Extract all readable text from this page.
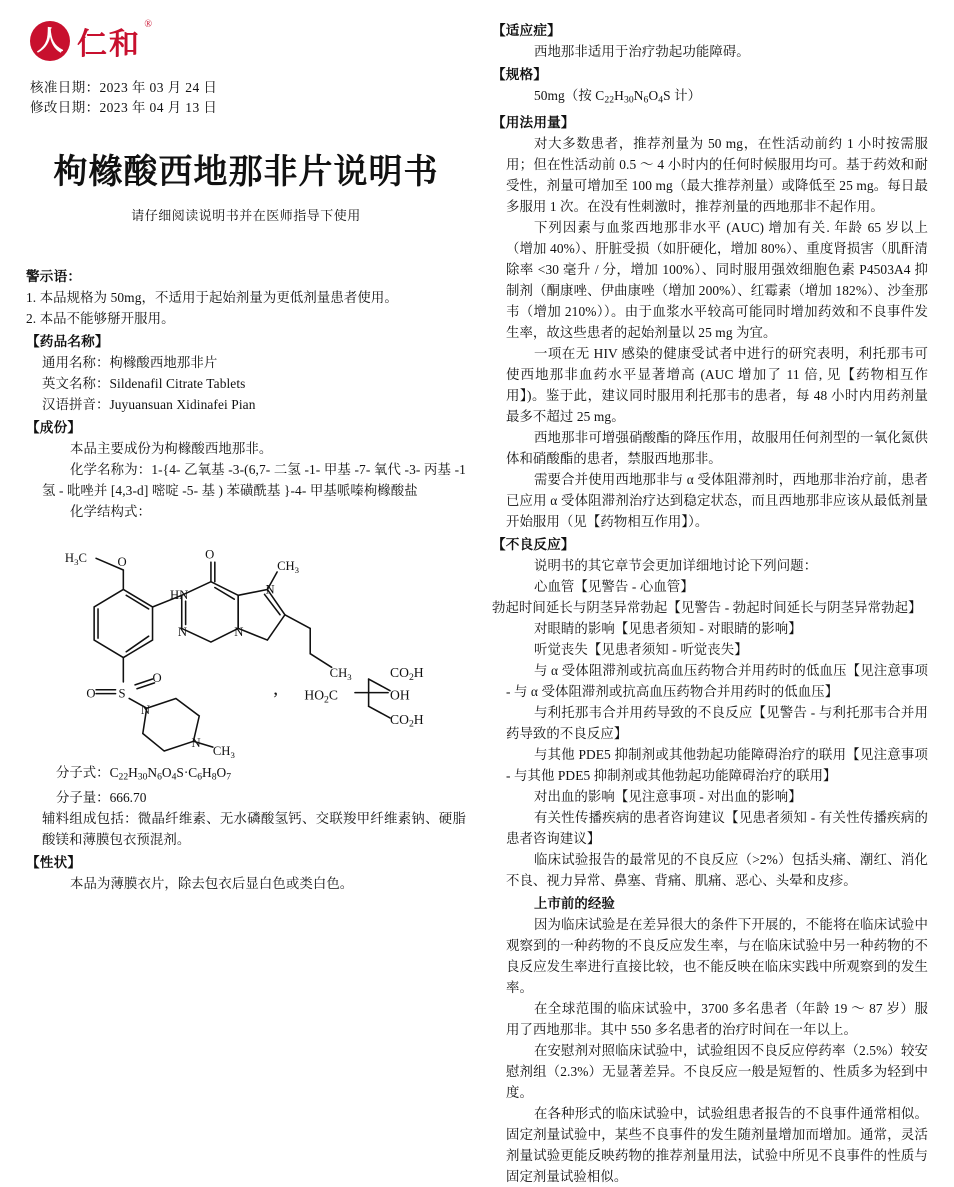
人 仁和
®
核准日期：2023 年 03 月 24 日
修改日期：2023 年 04 月 13 日
枸橼酸西地那非片说明书
请仔细阅读说明书并在医师指导下使用
警示语：
1. 本品规格为 50mg，不适用于起始剂量为更低剂量患者使用。
2. 本品不能够掰开服用。
【药品名称】
通用名称：枸橼酸西地那非片
英文名称：Sildenafil Citrate Tablets
汉语拼音：Juyuansuan Xidinafei Pian
【成份】
本品主要成份为枸橼酸西地那非。
化学名称为：1-{4- 乙氧基 -3-(6,7- 二氢 -1- 甲基 -7- 氧代 -3- 丙基 -1 氢 - 吡唑并 [4,3-d] 嘧啶 -5- 基 ) 苯磺酰基 }-4- 甲基哌嗪枸橼酸盐
化学结构式：
$H_3C$ O
O
$CH_3$
HN
N	N
N
$CH_3$
S
O
O
N
N
$CH_3$
,
$CO_2H$
$HO_2C$	OH
$CO_2H$
分子式：$C_{22}H_{30}N_6O_4S\cdot C_6H_8O_7$
分子量：666.70
辅料组成包括：微晶纤维素、无水磷酸氢钙、交联羧甲纤维素钠、硬脂酸镁和薄膜包衣预混剂。
【性状】
本品为薄膜衣片，除去包衣后显白色或类白色。
【适应症】
西地那非适用于治疗勃起功能障碍。
【规格】
50mg（按 $C_{22}H_{30}N_6O_4S$ 计）
【用法用量】
对大多数患者，推荐剂量为 50 mg，在性活动前约 1 小时按需服用；但在性活动前 0.5 ～ 4 小时内的任何时候服用均可。基于药效和耐受性，剂量可增加至 100 mg（最大推荐剂量）或降低至 25 mg。每日最多服用 1 次。在没有性刺激时，推荐剂量的西地那非不起作用。
下列因素与血浆西地那非水平 (AUC) 增加有关. 年龄 65 岁以上（增加 40%）、肝脏受损（如肝硬化，增加 80%）、重度肾损害（肌酐清除率 <30 毫升 / 分，增加 100%）、同时服用强效细胞色素 P4503A4 抑制剂（酮康唑、伊曲康唑（增加 200%）、红霉素（增加 182%）、沙奎那韦（增加 210%））。由于血浆水平较高可能同时增加药效和不良事件发生率，故这些患者的起始剂量以 25 mg 为宜。
一项在无 HIV 感染的健康受试者中进行的研究表明，利托那韦可使西地那非血药水平显著增高 (AUC 增加了 11 倍, 见【药物相互作用】)。鉴于此，建议同时服用利托那韦的患者，每 48 小时内用药剂量最多不超过 25 mg。
西地那非可增强硝酸酯的降压作用，故服用任何剂型的一氧化氮供体和硝酸酯的患者，禁服西地那非。
需要合并使用西地那非与 α 受体阻滞剂时，西地那非治疗前，患者已应用 α 受体阻滞剂治疗达到稳定状态，而且西地那非应该从最低剂量开始服用（见【药物相互作用】）。
【不良反应】
说明书的其它章节会更加详细地讨论下列问题：
心血管【见警告 - 心血管】
勃起时间延长与阴茎异常勃起【见警告 - 勃起时间延长与阴茎异常勃起】
对眼睛的影响【见患者须知 - 对眼睛的影响】
听觉丧失【见患者须知 - 听觉丧失】
与 α 受体阻滞剂或抗高血压药物合并用药时的低血压【见注意事项 - 与 α 受体阻滞剂或抗高血压药物合并用药时的低血压】
与利托那韦合并用药导致的不良反应【见警告 - 与利托那韦合并用药导致的不良反应】
与其他 PDE5 抑制剂或其他勃起功能障碍治疗的联用【见注意事项 - 与其他 PDE5 抑制剂或其他勃起功能障碍治疗的联用】
对出血的影响【见注意事项 - 对出血的影响】
有关性传播疾病的患者咨询建议【见患者须知 - 有关性传播疾病的患者咨询建议】
临床试验报告的最常见的不良反应（>2%）包括头痛、潮红、消化不良、视力异常、鼻塞、背痛、肌痛、恶心、头晕和皮疹。
上市前的经验
因为临床试验是在差异很大的条件下开展的，不能将在临床试验中观察到的一种药物的不良反应发生率，与在临床试验中另一种药物的不良反应发生率进行直接比较，也不能反映在临床实践中所观察到的发生率。
在全球范围的临床试验中，3700 多名患者（年龄 19 ～ 87 岁）服用了西地那非。其中 550 多名患者的治疗时间在一年以上。
在安慰剂对照临床试验中，试验组因不良反应停药率（2.5%）较安慰剂组（2.3%）无显著差异。不良反应一般是短暂的、性质多为轻到中度。
在各种形式的临床试验中，试验组患者报告的不良事件通常相似。固定剂量试验中，某些不良事件的发生随剂量增加而增加。通常，灵活剂量试验更能反映药物的推荐剂量用法，试验中所见不良事件的性质与固定剂量试验相似。
